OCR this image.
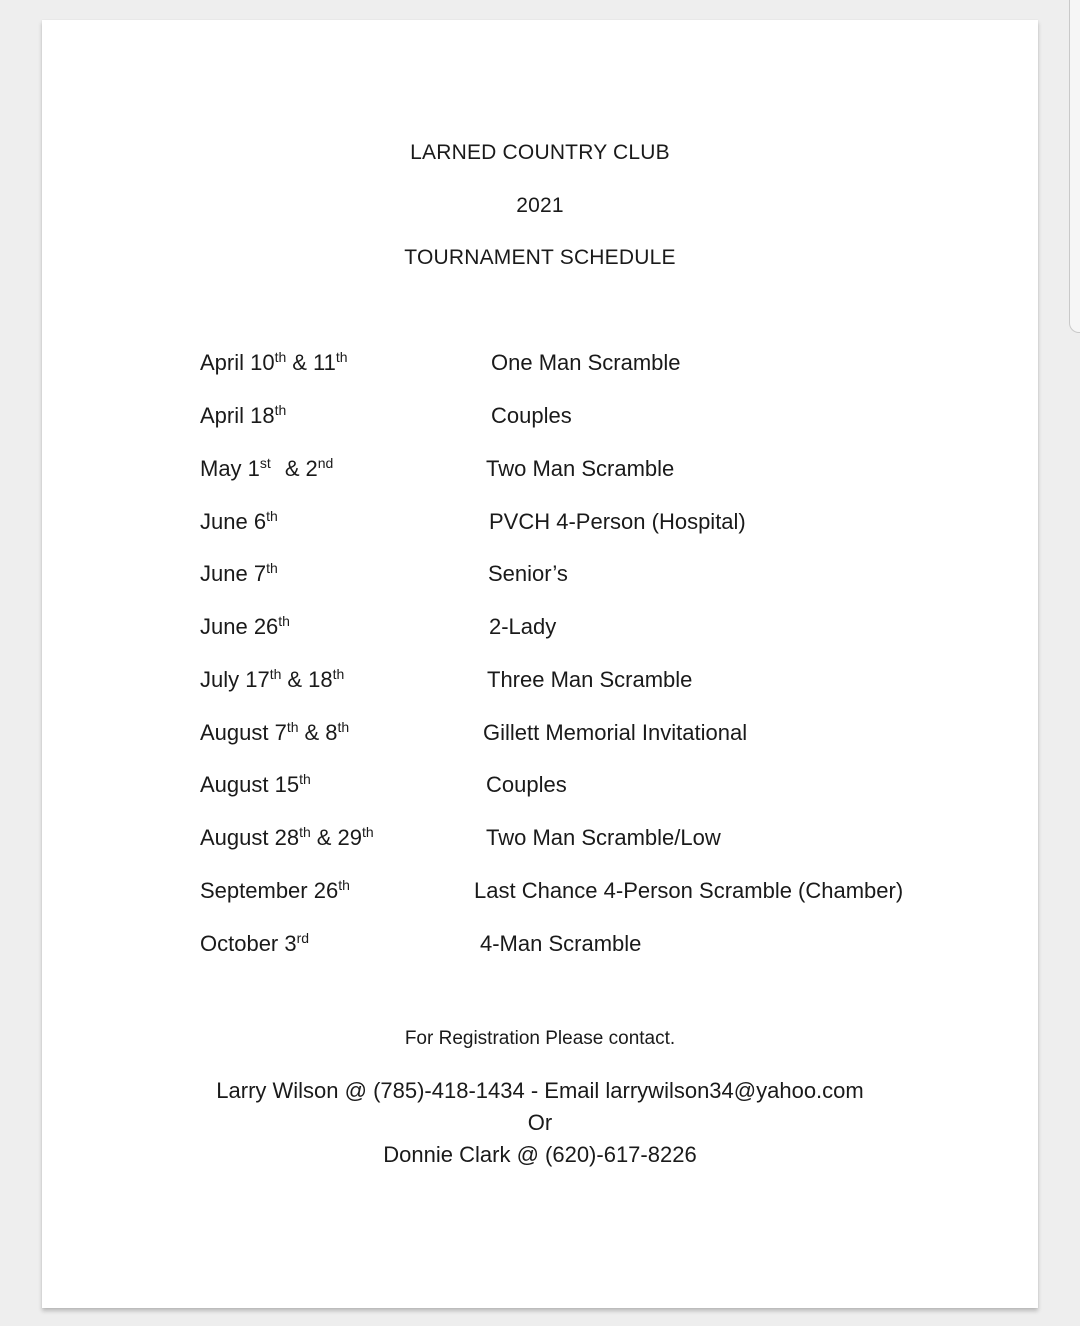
LARNED COUNTRY CLUB
2021
TOURNAMENT SCHEDULE
April 10th & 11th	One Man Scramble
April 18th	Couples
May 1st & 2nd	Two Man Scramble
June 6th	PVCH 4-Person (Hospital)
June 7th	Senior’s
June 26th	2-Lady
July 17th & 18th	Three Man Scramble
August 7th & 8th	Gillett Memorial Invitational
August 15th	Couples
August 28th & 29th	Two Man Scramble/Low
September 26th	Last Chance 4-Person Scramble (Chamber)
October 3rd	4-Man Scramble
For Registration Please contact.
Larry Wilson @ (785)-418-1434 - Email larrywilson34@yahoo.com
Or
Donnie Clark @ (620)-617-8226
